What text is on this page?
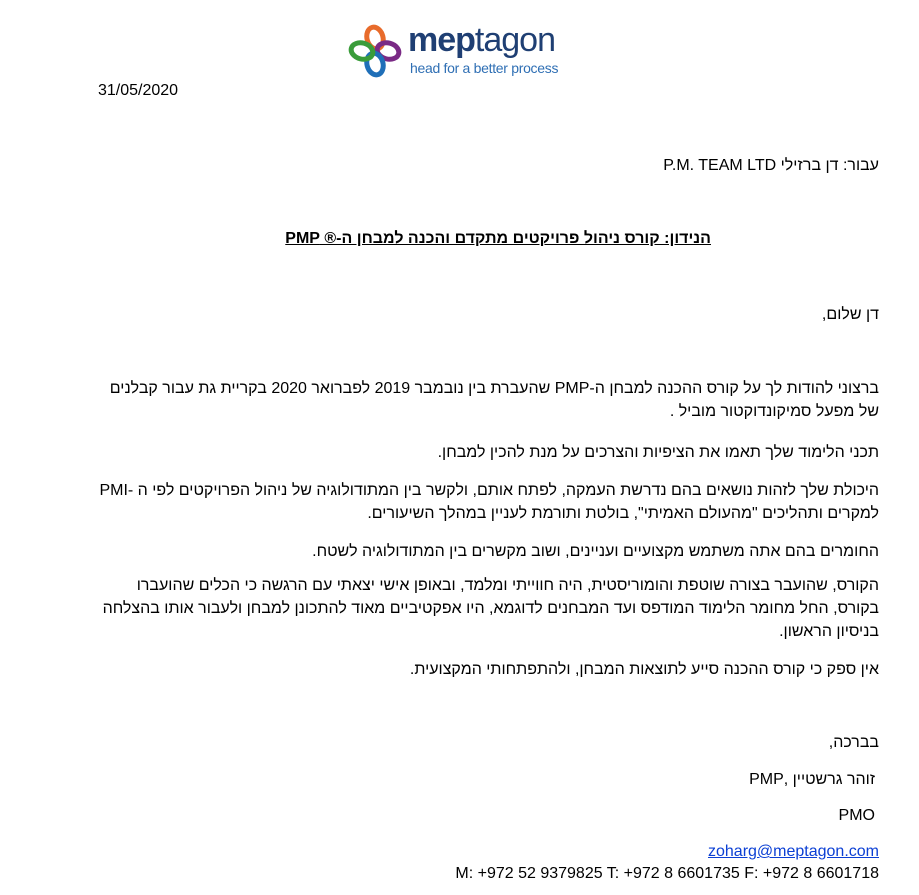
meptagon
head for a better process
31/05/2020
עבור: דן ברזילי P.M. TEAM LTD
הנידון: קורס ניהול פרויקטים מתקדם והכנה למבחן ה-® PMP
דן שלום,
ברצוני להודות לך על קורס ההכנה למבחן ה-PMP שהעברת בין נובמבר 2019 לפברואר 2020 בקריית גת עבור קבלנים של מפעל סמיקונדוקטור מוביל .
תכני הלימוד שלך תאמו את הציפיות והצרכים על מנת להכין למבחן.
היכולת שלך לזהות נושאים בהם נדרשת העמקה, לפתח אותם, ולקשר בין המתודולוגיה של ניהול הפרויקטים לפי ה -PMI למקרים ותהליכים "מהעולם האמיתי", בולטת ותורמת לעניין במהלך השיעורים.
החומרים בהם אתה משתמש מקצועיים ועניינים, ושוב מקשרים בין המתודולוגיה לשטח.
הקורס, שהועבר בצורה שוטפת והומוריסטית, היה חווייתי ומלמד, ובאופן אישי יצאתי עם הרגשה כי הכלים שהועברו בקורס, החל מחומר הלימוד המודפס ועד המבחנים לדוגמא, היו אפקטיביים מאוד להתכונן למבחן ולעבור אותו בהצלחה בניסיון הראשון.
אין ספק כי קורס ההכנה סייע לתוצאות המבחן, ולהתפתחותי המקצועית.
בברכה,
זוהר גרשטיין ,PMP
PMO
zoharg@meptagon.com
M: +972 52 9379825 T: +972 8 6601735 F: +972 8 6601718
